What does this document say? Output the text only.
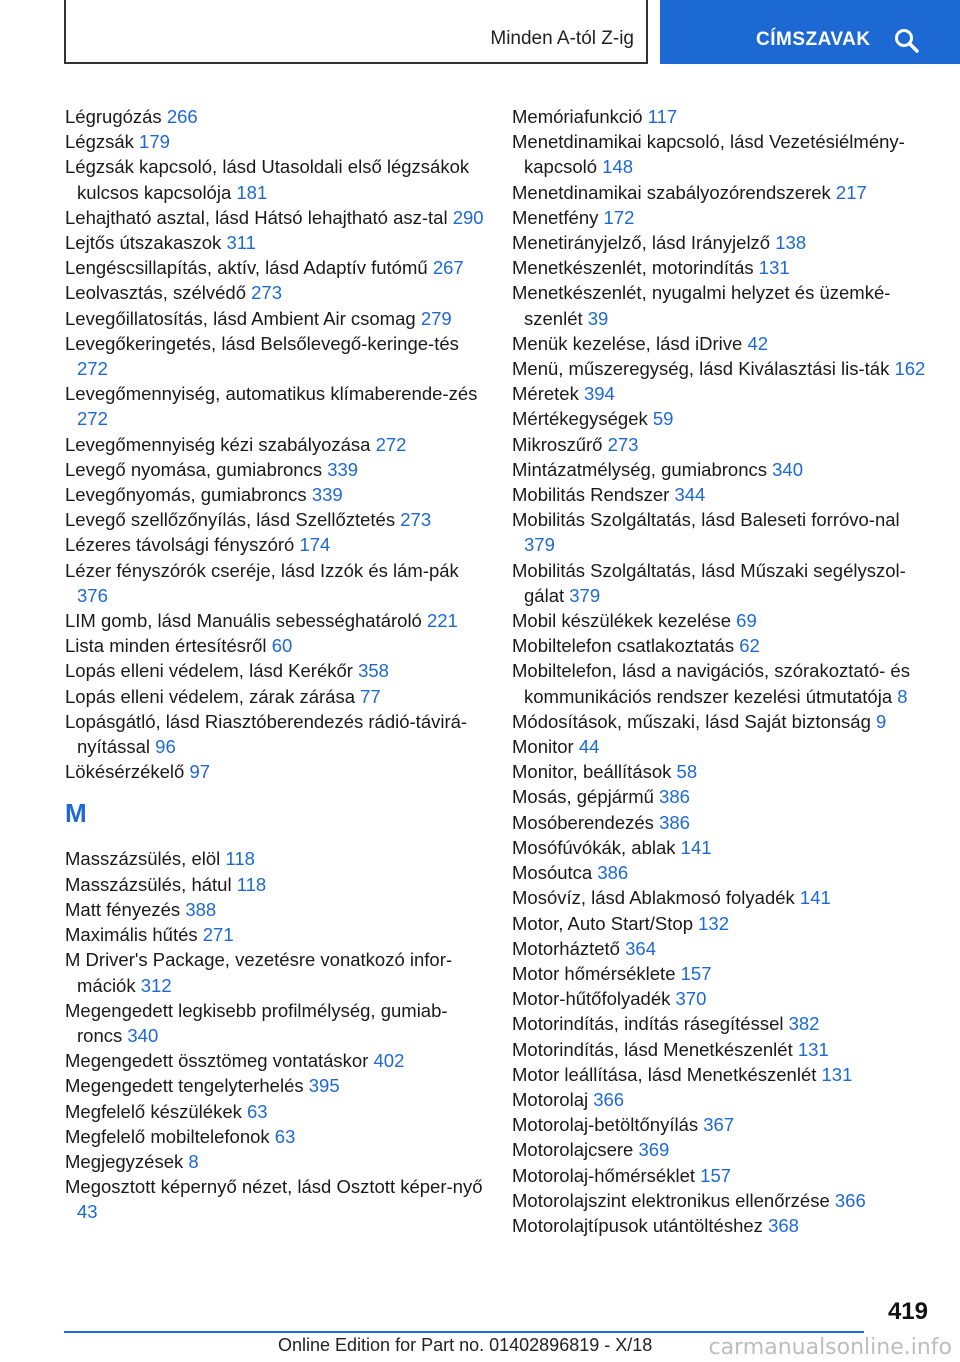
Minden A-tól Z-ig	CÍMSZAVAK
Légrugózás 266
Légzsák 179
Légzsák kapcsoló, lásd Utasoldali első légzsákok kulcsos kapcsolója 181
Lehajtható asztal, lásd Hátsó lehajtható asz-tal 290
Lejtős útszakaszok 311
Lengéscsillapítás, aktív, lásd Adaptív futómű 267
Leolvasztás, szélvédő 273
Levegőillatosítás, lásd Ambient Air csomag 279
Levegőkeringetés, lásd Belsőlevegő-keringe-tés 272
Levegőmennyiség, automatikus klímaberende-zés 272
Levegőmennyiség kézi szabályozása 272
Levegő nyomása, gumiabroncs 339
Levegőnyomás, gumiabroncs 339
Levegő szellőzőnyílás, lásd Szellőztetés 273
Lézeres távolsági fényszóró 174
Lézer fényszórók cseréje, lásd Izzók és lám-pák 376
LIM gomb, lásd Manuális sebességhatároló 221
Lista minden értesítésről 60
Lopás elleni védelem, lásd Kerékőr 358
Lopás elleni védelem, zárak zárása 77
Lopásgátló, lásd Riasztóberendezés rádió-távirá-nyítással 96
Lökésérzékelő 97
M
Masszázsülés, elöl 118
Masszázsülés, hátul 118
Matt fényezés 388
Maximális hűtés 271
M Driver's Package, vezetésre vonatkozó infor-mációk 312
Megengedett legkisebb profilmélység, gumiab-roncs 340
Megengedett össztömeg vontatáskor 402
Megengedett tengelyterhelés 395
Megfelelő készülékek 63
Megfelelő mobiltelefonok 63
Megjegyzések 8
Megosztott képernyő nézet, lásd Osztott képer-nyő 43
Memóriafunkció 117
Menetdinamikai kapcsoló, lásd Vezetésiélmény-kapcsoló 148
Menetdinamikai szabályozórendszerek 217
Menetfény 172
Menetirányjelző, lásd Irányjelző 138
Menetkészenlét, motorindítás 131
Menetkészenlét, nyugalmi helyzet és üzemké-szenlét 39
Menük kezelése, lásd iDrive 42
Menü, műszeregység, lásd Kiválasztási lis-ták 162
Méretek 394
Mértékegységek 59
Mikroszűrő 273
Mintázatmélység, gumiabroncs 340
Mobilitás Rendszer 344
Mobilitás Szolgáltatás, lásd Baleseti forróvo-nal 379
Mobilitás Szolgáltatás, lásd Műszaki segélyszol-gálat 379
Mobil készülékek kezelése 69
Mobiltelefon csatlakoztatás 62
Mobiltelefon, lásd a navigációs, szórakoztató- és kommunikációs rendszer kezelési útmutatója 8
Módosítások, műszaki, lásd Saját biztonság 9
Monitor 44
Monitor, beállítások 58
Mosás, gépjármű 386
Mosóberendezés 386
Mosófúvókák, ablak 141
Mosóutca 386
Mosóvíz, lásd Ablakmosó folyadék 141
Motor, Auto Start/Stop 132
Motorháztető 364
Motor hőmérséklete 157
Motor-hűtőfolyadék 370
Motorindítás, indítás rásegítéssel 382
Motorindítás, lásd Menetkészenlét 131
Motor leállítása, lásd Menetkészenlét 131
Motorolaj 366
Motorolaj-betöltőnyílás 367
Motorolajcsere 369
Motorolaj-hőmérséklet 157
Motorolajszint elektronikus ellenőrzése 366
Motorolajtípusok utántöltéshez 368
419
Online Edition for Part no. 01402896819 - X/18	carmanualsonline.info
